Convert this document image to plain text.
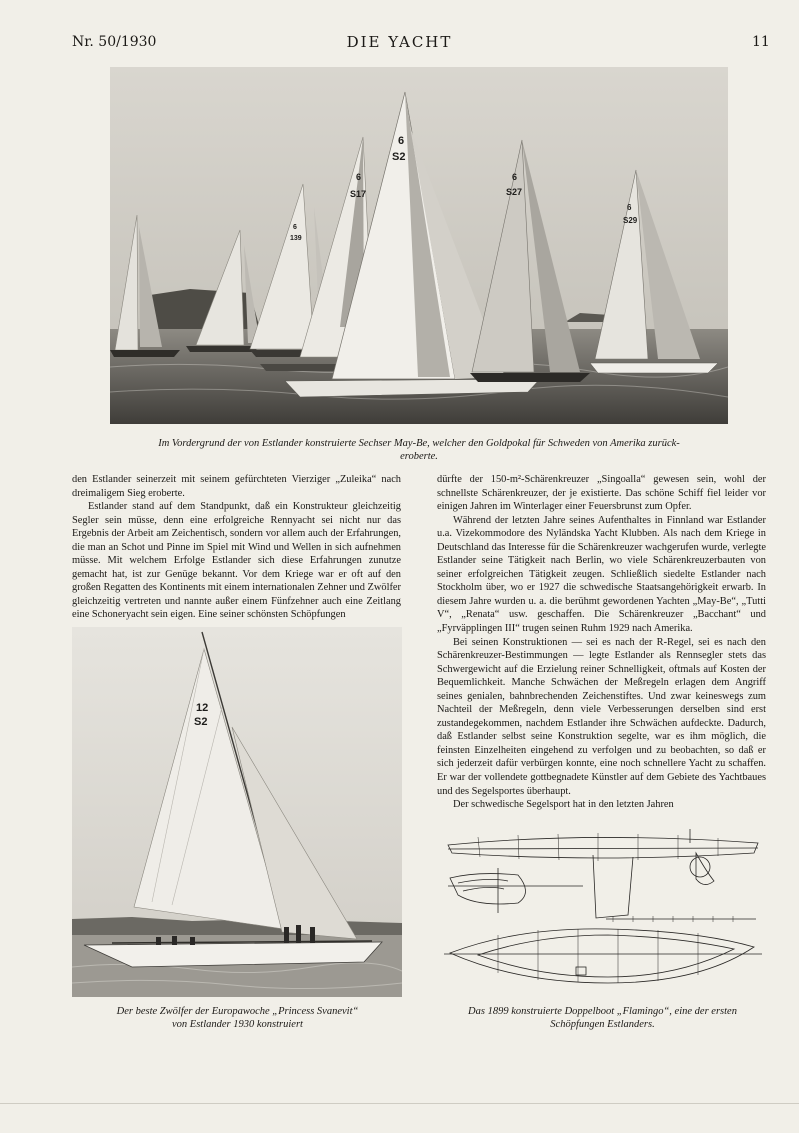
Nr. 50/1930	DIE YACHT	11
6
S2
6
S17
6
S27
6
S29
6
139
Im Vordergrund der von Estlander konstruierte Sechser May-Be, welcher den Goldpokal für Schweden von Amerika zurück-
eroberte.

den Estlander seinerzeit mit seinem gefürchteten Vierziger „Zuleika“ nach dreimaligem Sieg eroberte.

Estlander stand auf dem Standpunkt, daß ein Konstrukteur gleichzeitig Segler sein müsse, denn eine erfolgreiche Rennyacht sei nicht nur das Ergebnis der Arbeit am Zeichentisch, sondern vor allem auch der Erfahrungen, die man an Schot und Pinne im Spiel mit Wind und Wellen in sich aufnehmen müsse. Mit welchem Erfolge Estlander sich diese Erfahrungen zunutze gemacht hat, ist zur Genüge bekannt. Vor dem Kriege war er oft auf den großen Regatten des Kontinents mit einem internationalen Zehner und Zwölfer gleichzeitig vertreten und nannte außer einem Fünfzehner auch eine Zeitlang eine Schoneryacht sein eigen. Eine seiner schönsten Schöpfungen

dürfte der 150-m²-Schärenkreuzer „Singoalla“ gewesen sein, wohl der schnellste Schärenkreuzer, der je existierte. Das schöne Schiff fiel leider vor einigen Jahren im Winterlager einer Feuersbrunst zum Opfer.

Während der letzten Jahre seines Aufenthaltes in Finnland war Estlander u.a. Vizekommodore des Nyländska Yacht Klubben. Als nach dem Kriege in Deutschland das Interesse für die Schärenkreuzer wachgerufen wurde, verlegte Estlander seine Tätigkeit nach Berlin, wo viele Schärenkreuzerbauten von seiner erfolgreichen Tätigkeit zeugen. Schließlich siedelte Estlander nach Stockholm über, wo er 1927 die schwedische Staatsangehörigkeit erwarb. In diesem Jahre wurden u. a. die berühmt gewordenen Yachten „May-Be“, „Tutti V“, „Renata“ usw. geschaffen. Die Schärenkreuzer „Bacchant“ und „Fyrväpplingen III“ trugen seinen Ruhm 1929 nach Amerika.

Bei seinen Konstruktionen — sei es nach der R-Regel, sei es nach den Schärenkreuzer-Bestimmungen — legte Estlander als Rennsegler stets das Schwergewicht auf die Erzielung reiner Schnelligkeit, oftmals auf Kosten der Bequemlichkeit. Manche Schwächen der Meßregeln erlagen dem Angriff seines genialen, bahnbrechenden Zeichenstiftes. Und zwar keineswegs zum Nachteil der Meßregeln, denn viele Verbesserungen derselben sind erst zustandegekommen, nachdem Estlander ihre Schwächen aufdeckte. Dadurch, daß Estlander selbst seine Konstruktion segelte, war es ihm möglich, die feinsten Einzelheiten eingehend zu verfolgen und zu beobachten, so daß er sich jederzeit dafür verbürgen konnte, eine noch schnellere Yacht zu schaffen. Er war der vollendete gottbegnadete Künstler auf dem Gebiete des Yachtbaues und des Segelsportes überhaupt.

Der schwedische Segelsport hat in den letzten Jahren

12
S2
Der beste Zwölfer der Europawoche „Princess Svanevit“
von Estlander 1930 konstruiert
Das 1899 konstruierte Doppelboot „Flamingo“, eine der ersten
Schöpfungen Estlanders.
